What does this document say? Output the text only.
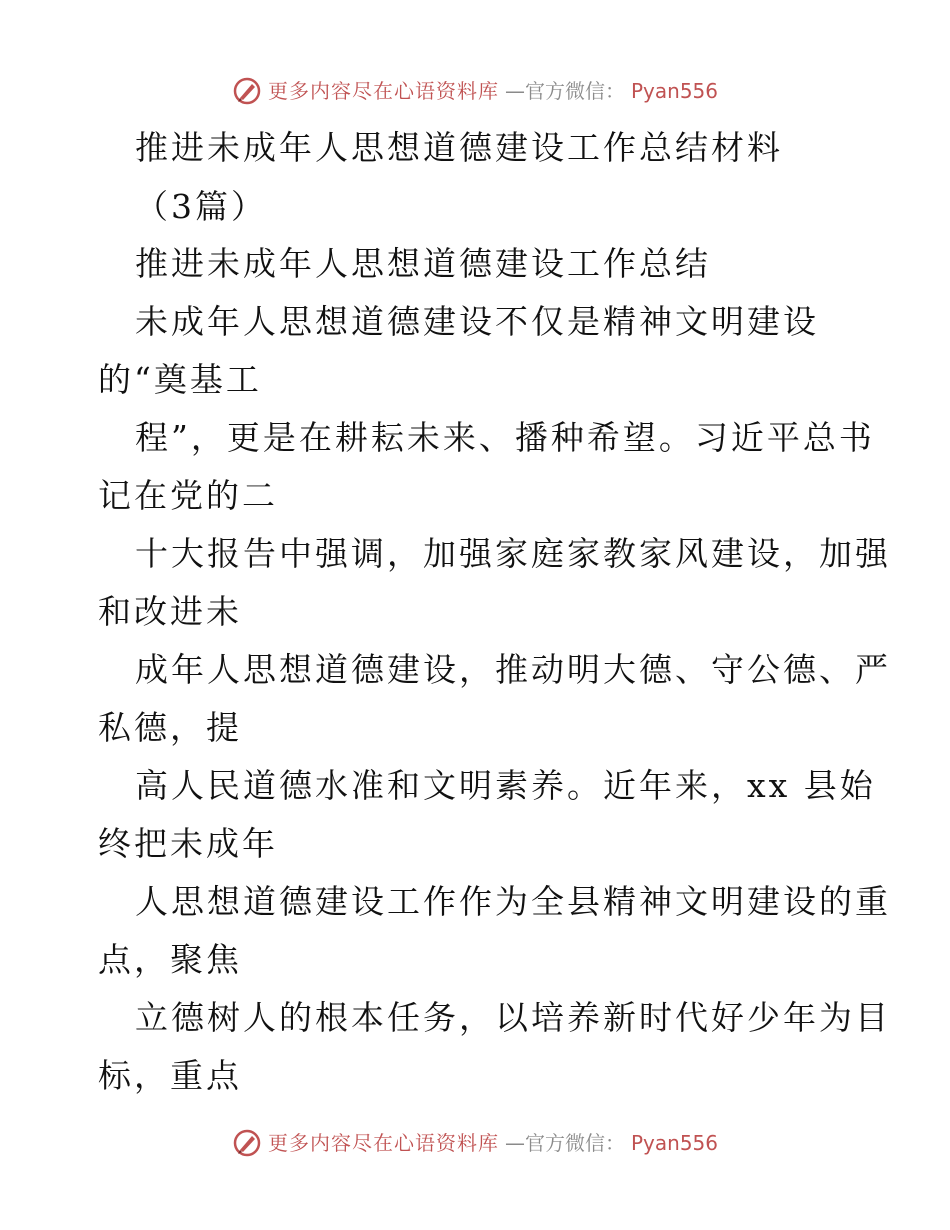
更多内容尽在心语资料库 —官方微信： Pyan556
推进未成年人思想道德建设工作总结材料
（3篇）
推进未成年人思想道德建设工作总结
未成年人思想道德建设不仅是精神文明建设
的“奠基工
程”，更是在耕耘未来、播种希望。习近平总书
记在党的二
十大报告中强调，加强家庭家教家风建设，加强
和改进未
成年人思想道德建设，推动明大德、守公德、严
私德，提
高人民道德水准和文明素养。近年来，xx 县始
终把未成年
人思想道德建设工作作为全县精神文明建设的重
点，聚焦
立德树人的根本任务，以培养新时代好少年为目
标，重点
更多内容尽在心语资料库 —官方微信： Pyan556
